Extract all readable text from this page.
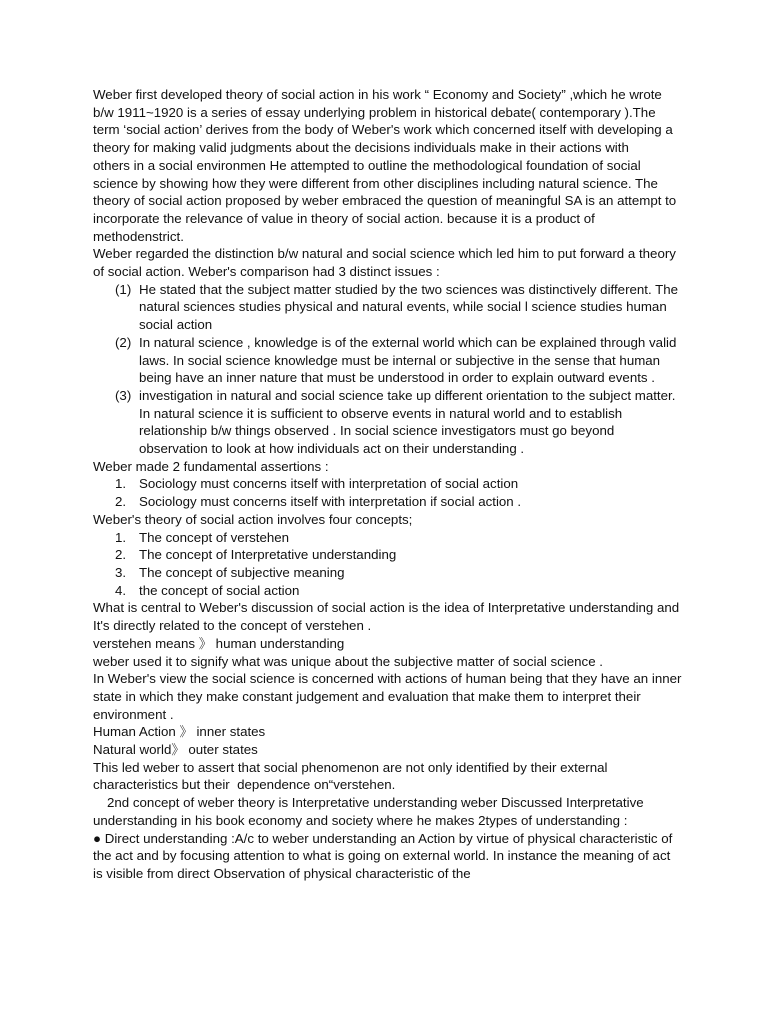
Weber first developed theory of social action in his work “ Economy and Society” ,which he wrote b/w 1911~1920 is a series of essay underlying problem in historical debate( contemporary ).The term ‘social action’ derives from the body of Weber's work which concerned itself with developing a theory for making valid judgments about the decisions individuals make in their actions with

others in a social environmen He attempted to outline the methodological foundation of social science by showing how they were different from other disciplines including natural science. The theory of social action proposed by weber embraced the question of meaningful SA is an attempt to incorporate the relevance of value in theory of social action. because it is a product of methodenstrict.

Weber regarded the distinction b/w natural and social science which led him to put forward a theory of social action. Weber's comparison had 3 distinct issues :

(1) He stated that the subject matter studied by the two sciences was distinctively different. The natural sciences studies physical and natural events, while social l science studies human social action
(2) In natural science , knowledge is of the external world which can be explained through valid laws. In social science knowledge must be internal or subjective in the sense that human being have an inner nature that must be understood in order to explain outward events .
(3) investigation in natural and social science take up different orientation to the subject matter. In natural science it is sufficient to observe events in natural world and to establish relationship b/w things observed . In social science investigators must go beyond observation to look at how individuals act on their understanding .

Weber made 2 fundamental assertions :

1. Sociology must concerns itself with interpretation of social action
2. Sociology must concerns itself with interpretation if social action .

Weber's theory of social action involves four concepts;

1. The concept of verstehen
2. The concept of Interpretative understanding
3. The concept of subjective meaning
4. the concept of social action

What is central to Weber's discussion of social action is the idea of Interpretative understanding and It's directly related to the concept of verstehen .

verstehen means 》 human understanding

weber used it to signify what was unique about the subjective matter of social science .

In Weber's view the social science is concerned with actions of human being that they have an inner state in which they make constant judgement and evaluation that make them to interpret their environment .

Human Action 》 inner states

Natural world》 outer states

This led weber to assert that social phenomenon are not only identified by their external characteristics but their  dependence on“verstehen.

2nd concept of weber theory is Interpretative understanding weber Discussed Interpretative understanding in his book economy and society where he makes 2types of understanding :

● Direct understanding :A/c to weber understanding an Action by virtue of physical characteristic of the act and by focusing attention to what is going on external world. In instance the meaning of act is visible from direct Observation of physical characteristic of the
